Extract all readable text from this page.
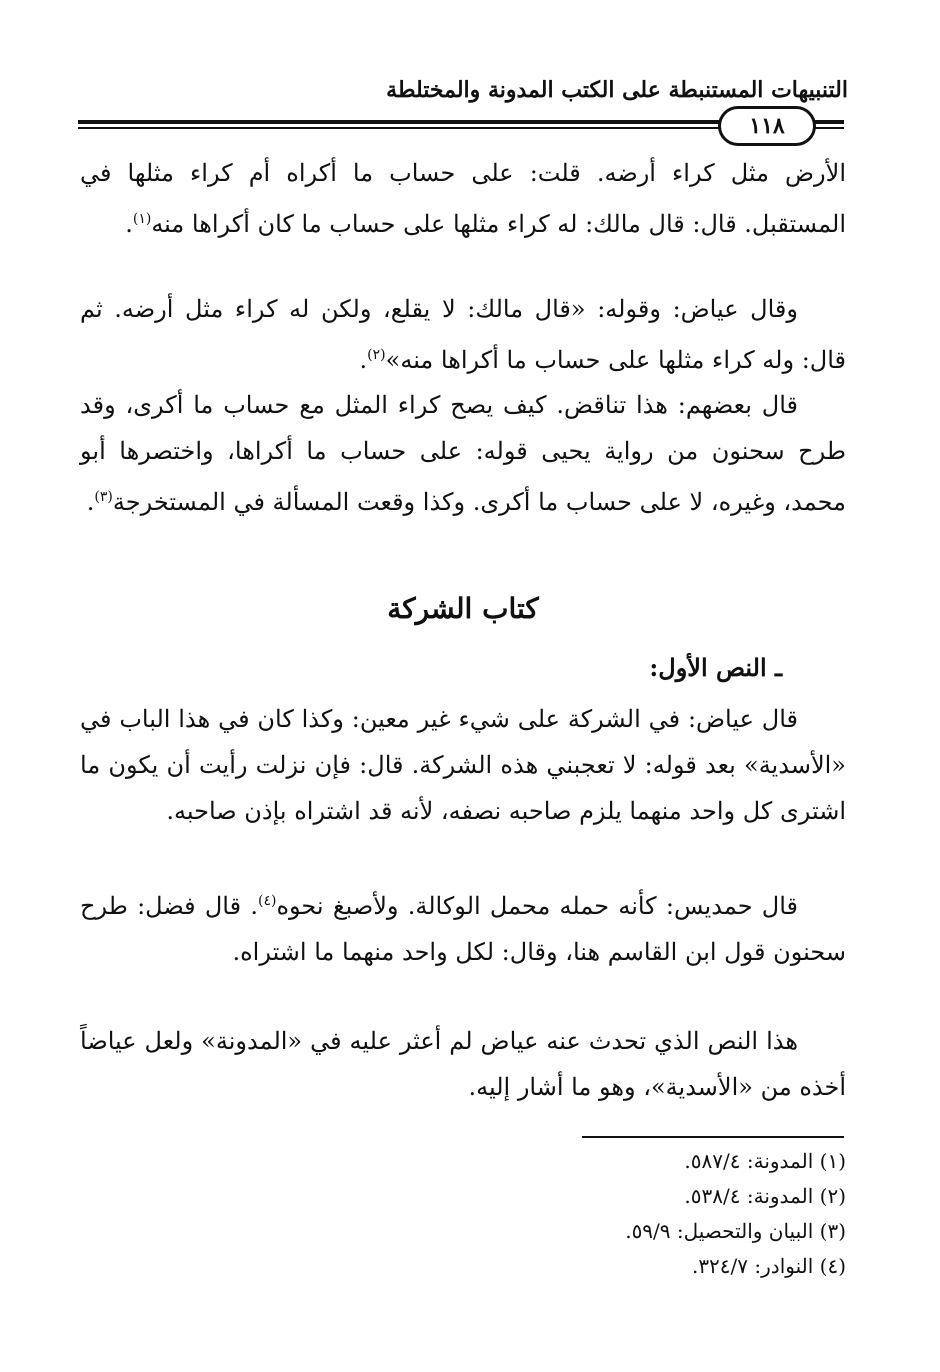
التنبيهات المستنبطة على الكتب المدونة والمختلطة
١١٨

الأرض مثل كراء أرضه. قلت: على حساب ما أكراه أم كراء مثلها في المستقبل. قال: قال مالك: له كراء مثلها على حساب ما كان أكراها منه$^{(١)}$.

وقال عياض: وقوله: «قال مالك: لا يقلع، ولكن له كراء مثل أرضه. ثم قال: وله كراء مثلها على حساب ما أكراها منه»$^{(٢)}$.

قال بعضهم: هذا تناقض. كيف يصح كراء المثل مع حساب ما أكرى، وقد طرح سحنون من رواية يحيى قوله: على حساب ما أكراها، واختصرها أبو محمد، وغيره، لا على حساب ما أكرى. وكذا وقعت المسألة في المستخرجة$^{(٣)}$.

كتاب الشركة
ـ النص الأول:

قال عياض: في الشركة على شيء غير معين: وكذا كان في هذا الباب في «الأسدية» بعد قوله: لا تعجبني هذه الشركة. قال: فإن نزلت رأيت أن يكون ما اشترى كل واحد منهما يلزم صاحبه نصفه، لأنه قد اشتراه بإذن صاحبه.

قال حمديس: كأنه حمله محمل الوكالة. ولأصبغ نحوه$^{(٤)}$. قال فضل: طرح سحنون قول ابن القاسم هنا، وقال: لكل واحد منهما ما اشتراه.

هذا النص الذي تحدث عنه عياض لم أعثر عليه في «المدونة» ولعل عياضاً أخذه من «الأسدية»، وهو ما أشار إليه.

(١) المدونة: ٥٨٧/٤.
(٢) المدونة: ٥٣٨/٤.
(٣) البيان والتحصيل: ٥٩/٩.
(٤) النوادر: ٣٢٤/٧.
